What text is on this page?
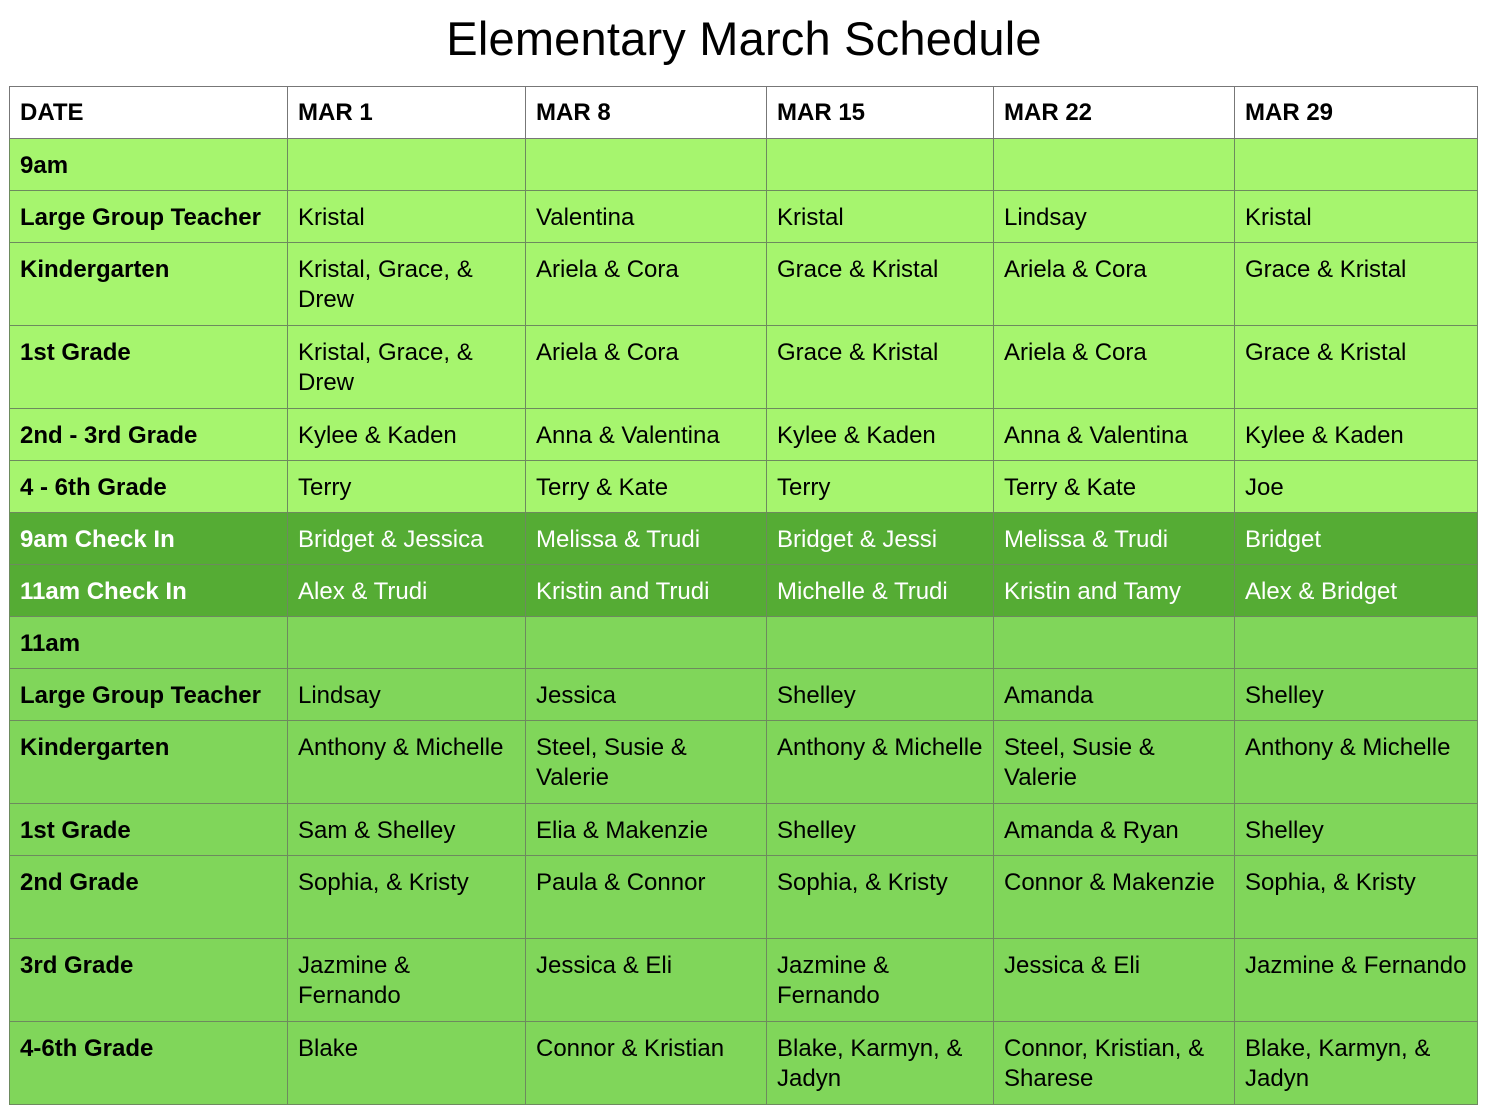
Elementary March Schedule
DATE	MAR 1	MAR 8	MAR 15	MAR 22	MAR 29
9am					
Large Group Teacher	Kristal	Valentina	Kristal	Lindsay	Kristal
Kindergarten	Kristal, Grace, & Drew	Ariela & Cora	Grace & Kristal	Ariela & Cora	Grace & Kristal
1st Grade	Kristal, Grace, & Drew	Ariela & Cora	Grace & Kristal	Ariela & Cora	Grace & Kristal
2nd - 3rd Grade	Kylee & Kaden	Anna & Valentina	Kylee & Kaden	Anna & Valentina	Kylee & Kaden
4 - 6th Grade	Terry	Terry & Kate	Terry	Terry & Kate	Joe
9am Check In	Bridget & Jessica	Melissa & Trudi	Bridget & Jessi	Melissa & Trudi	Bridget
11am Check In	Alex & Trudi	Kristin and Trudi	Michelle & Trudi	Kristin and Tamy	Alex & Bridget
11am					
Large Group Teacher	Lindsay	Jessica	Shelley	Amanda	Shelley
Kindergarten	Anthony & Michelle	Steel, Susie & Valerie	Anthony & Michelle	Steel, Susie & Valerie	Anthony & Michelle
1st Grade	Sam & Shelley	Elia & Makenzie	Shelley	Amanda & Ryan	Shelley
2nd Grade	Sophia, & Kristy	Paula & Connor	Sophia, & Kristy	Connor & Makenzie	Sophia, & Kristy
3rd Grade	Jazmine & Fernando	Jessica & Eli	Jazmine & Fernando	Jessica & Eli	Jazmine & Fernando
4-6th Grade	Blake	Connor & Kristian	Blake, Karmyn, & Jadyn	Connor, Kristian, & Sharese	Blake, Karmyn, & Jadyn
